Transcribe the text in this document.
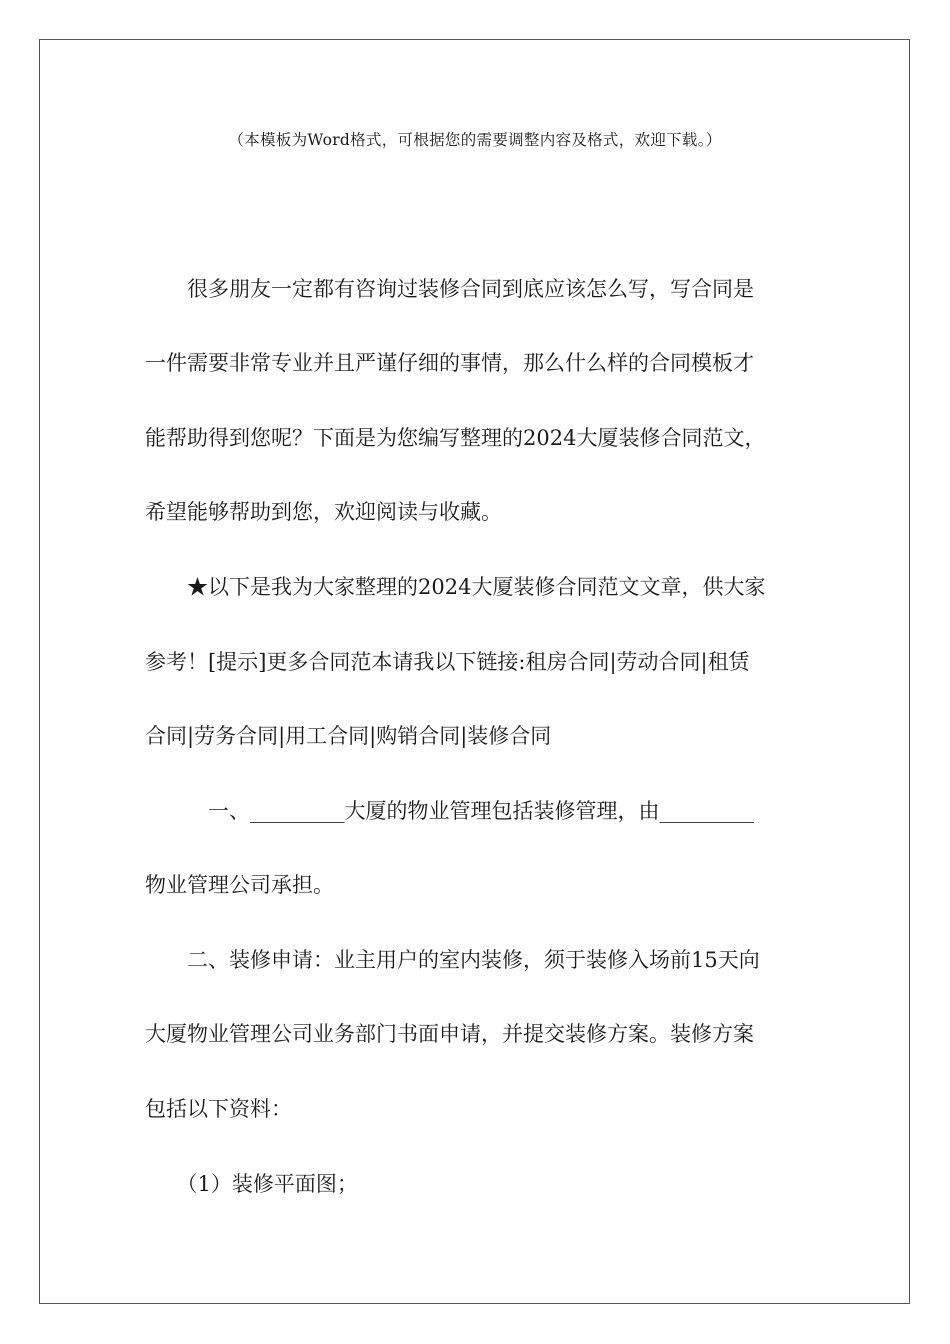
（本模板为Word格式，可根据您的需要调整内容及格式，欢迎下载。）
　　很多朋友一定都有咨询过装修合同到底应该怎么写，写合同是
一件需要非常专业并且严谨仔细的事情，那么什么样的合同模板才
能帮助得到您呢？下面是为您编写整理的2024大厦装修合同范文，
希望能够帮助到您，欢迎阅读与收藏。
　　★以下是我为大家整理的2024大厦装修合同范文文章，供大家
参考！[提示]更多合同范本请我以下链接:租房合同|劳动合同|租赁
合同|劳务合同|用工合同|购销合同|装修合同
　　　一、_________大厦的物业管理包括装修管理，由_________
物业管理公司承担。
　　二、装修申请：业主用户的室内装修，须于装修入场前15天向
大厦物业管理公司业务部门书面申请，并提交装修方案。装修方案
包括以下资料：
　　（1）装修平面图；
